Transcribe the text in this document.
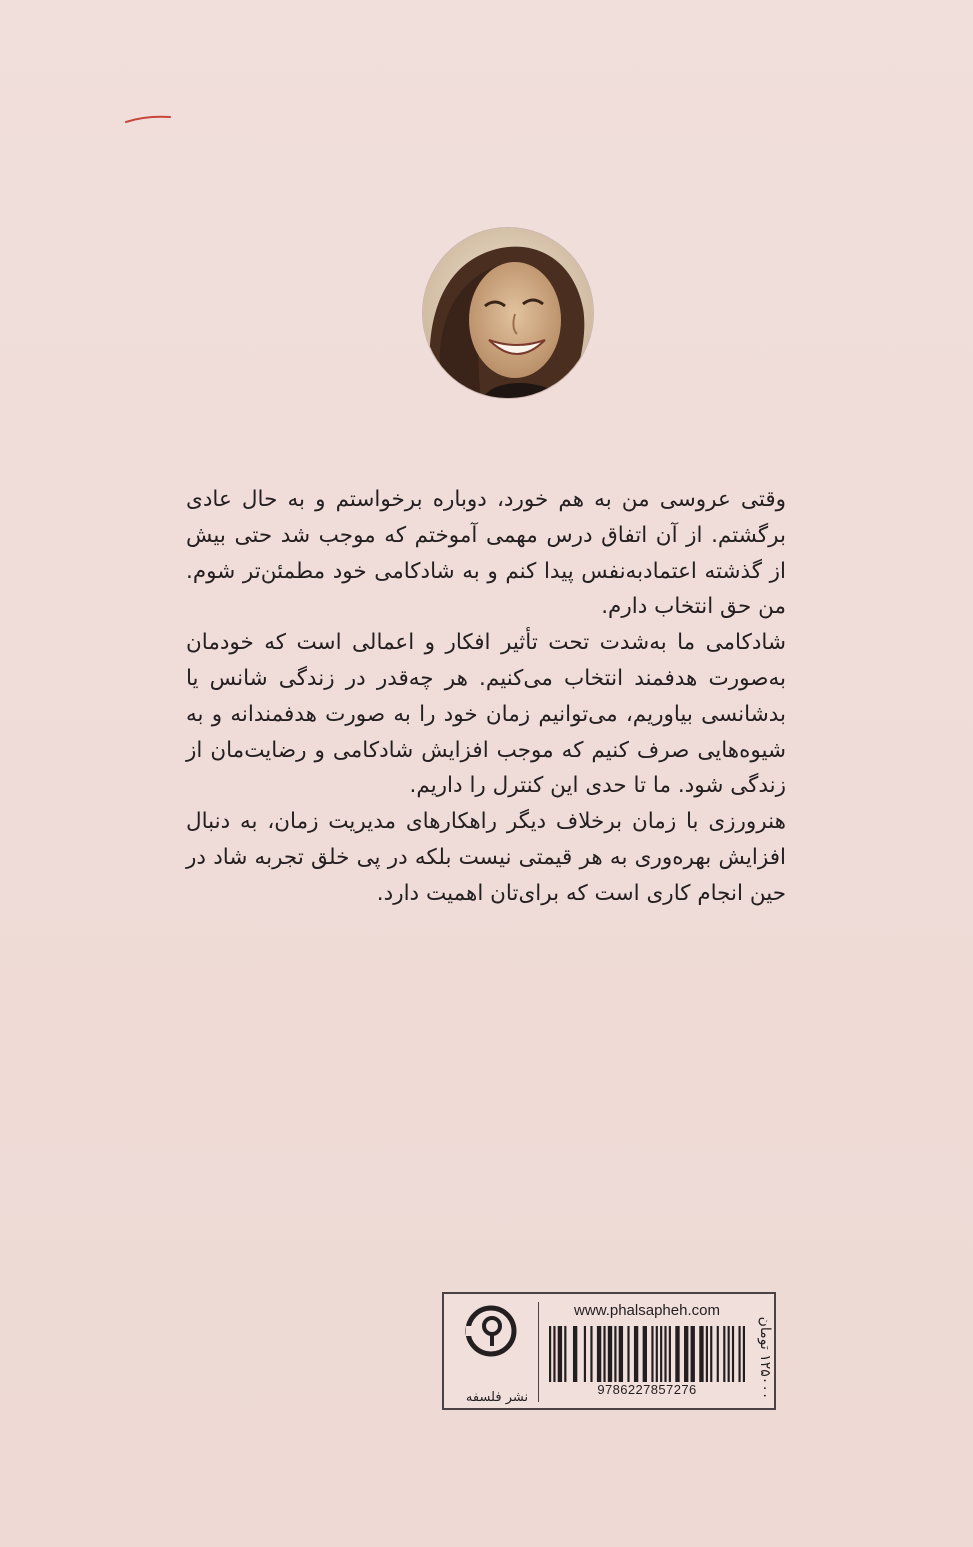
وقتی عروسی من به هم خورد، دوباره برخواستم و به حال عادی برگشتم. از آن اتفاق درس مهمی آموختم که موجب شد حتی بیش از گذشته اعتمادبه‌نفس پیدا کنم و به شادکامی خود مطمئن‌تر شوم. من حق انتخاب دارم.

شادکامی ما به‌شدت تحت تأثیر افکار و اعمالی است که خودمان به‌صورت هدفمند انتخاب می‌کنیم. هر چه‌قدر در زندگی شانس یا بدشانسی بیاوریم، می‌توانیم زمان خود را به صورت هدفمندانه و به شیوه‌هایی صرف کنیم که موجب افزایش شادکامی و رضایت‌مان از زندگی شود. ما تا حدی این کنترل را داریم.

هنرورزی با زمان برخلاف دیگر راهکارهای مدیریت زمان، به دنبال افزایش بهره‌وری به هر قیمتی نیست بلکه در پی خلق تجربه شاد در حین انجام کاری است که برای‌تان اهمیت دارد.

نشر فلسفه
www.phalsapheh.com
9786227857276
۱۲۵۰۰۰ تومان
